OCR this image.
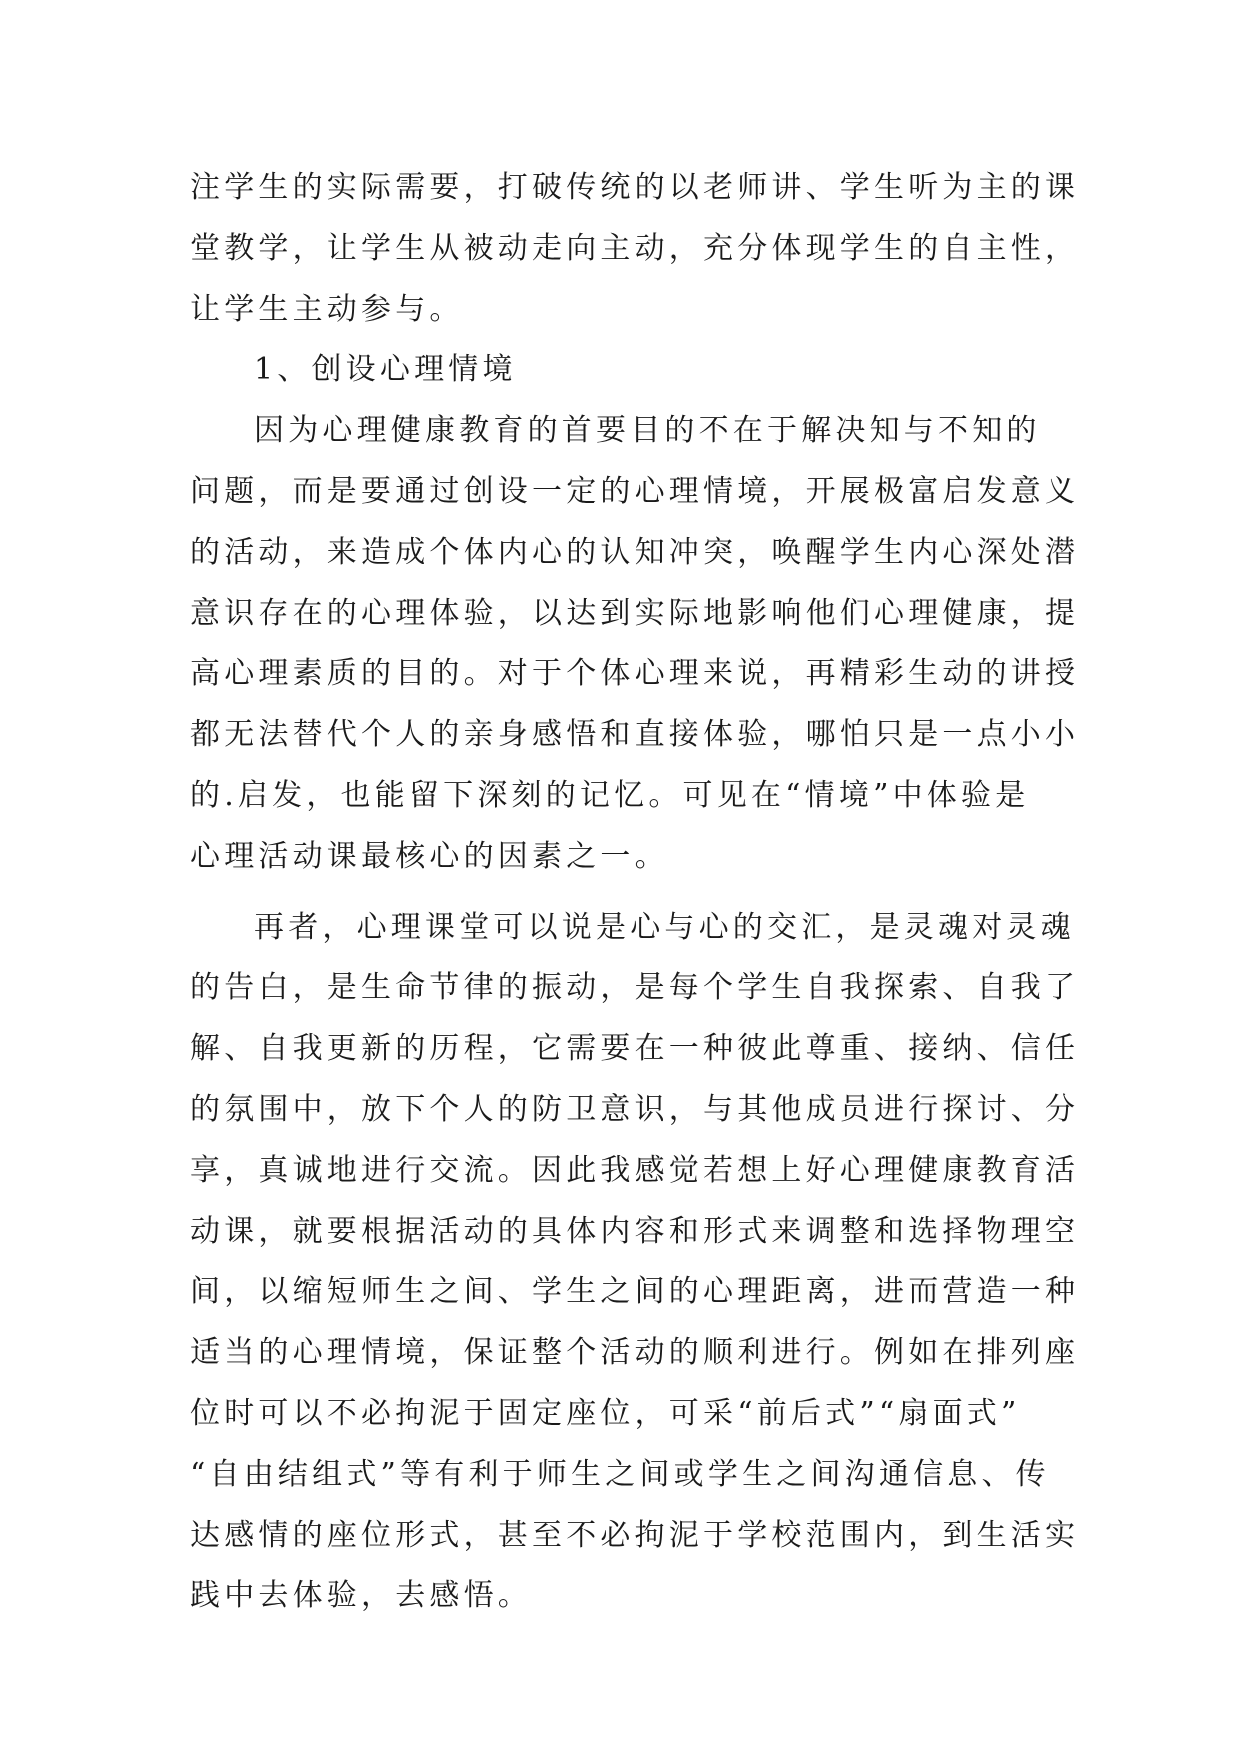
注学生的实际需要，打破传统的以老师讲、学生听为主的课
堂教学，让学生从被动走向主动，充分体现学生的自主性，
让学生主动参与。
1、创设心理情境
因为心理健康教育的首要目的不在于解决知与不知的
问题，而是要通过创设一定的心理情境，开展极富启发意义
的活动，来造成个体内心的认知冲突，唤醒学生内心深处潜
意识存在的心理体验，以达到实际地影响他们心理健康，提
高心理素质的目的。对于个体心理来说，再精彩生动的讲授
都无法替代个人的亲身感悟和直接体验，哪怕只是一点小小
的.启发，也能留下深刻的记忆。可见在“情境”中体验是
心理活动课最核心的因素之一。
再者，心理课堂可以说是心与心的交汇，是灵魂对灵魂
的告白，是生命节律的振动，是每个学生自我探索、自我了
解、自我更新的历程，它需要在一种彼此尊重、接纳、信任
的氛围中，放下个人的防卫意识，与其他成员进行探讨、分
享，真诚地进行交流。因此我感觉若想上好心理健康教育活
动课，就要根据活动的具体内容和形式来调整和选择物理空
间，以缩短师生之间、学生之间的心理距离，进而营造一种
适当的心理情境，保证整个活动的顺利进行。例如在排列座
位时可以不必拘泥于固定座位，可采“前后式”“扇面式”
“自由结组式”等有利于师生之间或学生之间沟通信息、传
达感情的座位形式，甚至不必拘泥于学校范围内，到生活实
践中去体验，去感悟。
